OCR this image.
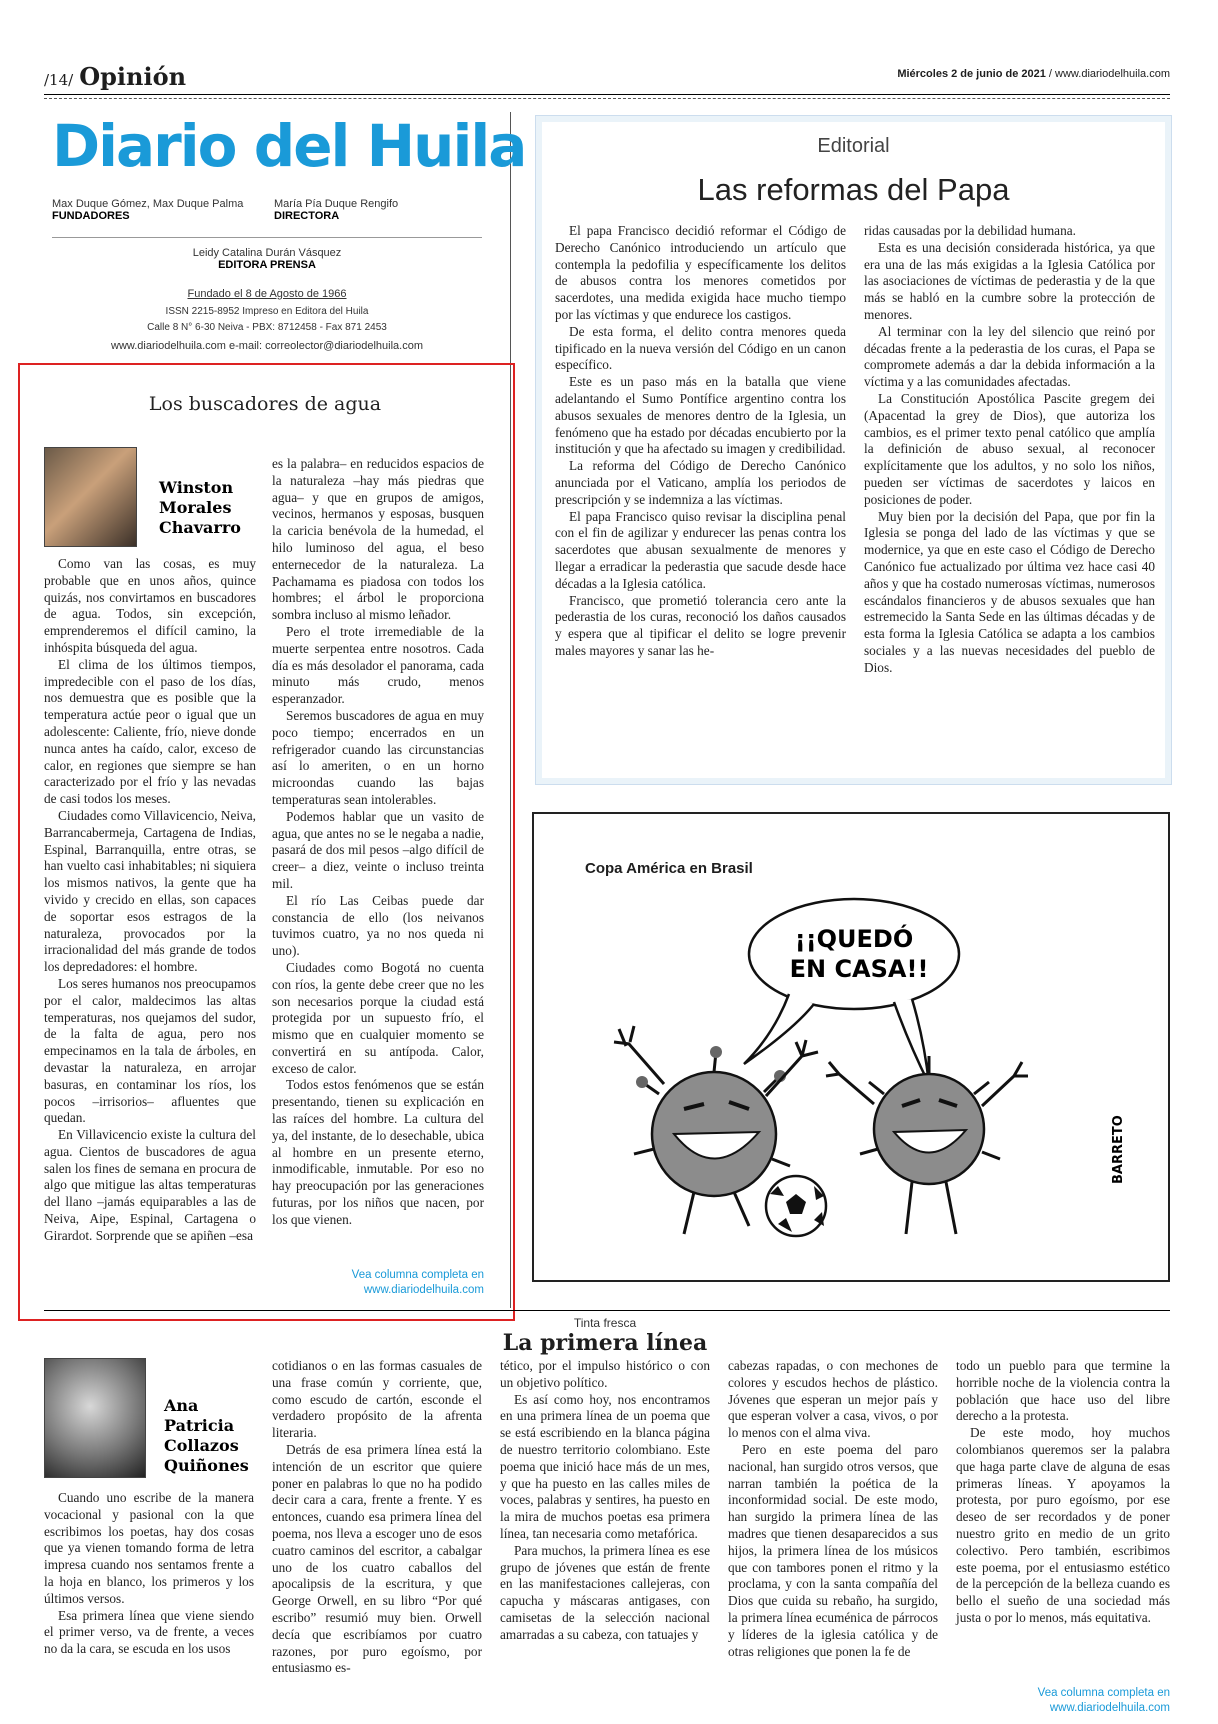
/14/ Opinión	Miércoles 2 de junio de 2021 / www.diariodelhuila.com
Diario del Huila
Max Duque Gómez, Max Duque Palma
FUNDADORES
María Pía Duque Rengifo
DIRECTORA
Leidy Catalina Durán Vásquez
EDITORA PRENSA
Fundado el 8 de Agosto de 1966
ISSN 2215-8952 Impreso en Editora del Huila
Calle 8 N° 6-30 Neiva - PBX: 8712458 - Fax 871 2453
www.diariodelhuila.com e-mail: correolector@diariodelhuila.com
Los buscadores de agua
Winston Morales Chavarro

Como van las cosas, es muy probable que en unos años, quince quizás, nos convirtamos en buscadores de agua. Todos, sin excepción, emprenderemos el difícil camino, la inhóspita búsqueda del agua.

El clima de los últimos tiempos, impredecible con el paso de los días, nos demuestra que es posible que la temperatura actúe peor o igual que un adolescente: Caliente, frío, nieve donde nunca antes ha caído, calor, exceso de calor, en regiones que siempre se han caracterizado por el frío y las nevadas de casi todos los meses.

Ciudades como Villavicencio, Neiva, Barrancabermeja, Cartagena de Indias, Espinal, Barranquilla, entre otras, se han vuelto casi inhabitables; ni siquiera los mismos nativos, la gente que ha vivido y crecido en ellas, son capaces de soportar esos estragos de la naturaleza, provocados por la irracionalidad del más grande de todos los depredadores: el hombre.

Los seres humanos nos preocupamos por el calor, maldecimos las altas temperaturas, nos quejamos del sudor, de la falta de agua, pero nos empecinamos en la tala de árboles, en devastar la naturaleza, en arrojar basuras, en contaminar los ríos, los pocos –irrisorios– afluentes que quedan.

En Villavicencio existe la cultura del agua. Cientos de buscadores de agua salen los fines de semana en procura de algo que mitigue las altas temperaturas del llano –jamás equiparables a las de Neiva, Aipe, Espinal, Cartagena o Girardot. Sorprende que se apiñen –esa

es la palabra– en reducidos espacios de la naturaleza –hay más piedras que agua– y que en grupos de amigos, vecinos, hermanos y esposas, busquen la caricia benévola de la humedad, el hilo luminoso del agua, el beso enternecedor de la naturaleza. La Pachamama es piadosa con todos los hombres; el árbol le proporciona sombra incluso al mismo leñador.

Pero el trote irremediable de la muerte serpentea entre nosotros. Cada día es más desolador el panorama, cada minuto más crudo, menos esperanzador.

Seremos buscadores de agua en muy poco tiempo; encerrados en un refrigerador cuando las circunstancias así lo ameriten, o en un horno microondas cuando las bajas temperaturas sean intolerables.

Podemos hablar que un vasito de agua, que antes no se le negaba a nadie, pasará de dos mil pesos –algo difícil de creer– a diez, veinte o incluso treinta mil.

El río Las Ceibas puede dar constancia de ello (los neivanos tuvimos cuatro, ya no nos queda ni uno).

Ciudades como Bogotá no cuenta con ríos, la gente debe creer que no les son necesarios porque la ciudad está protegida por un supuesto frío, el mismo que en cualquier momento se convertirá en su antípoda. Calor, exceso de calor.

Todos estos fenómenos que se están presentando, tienen su explicación en las raíces del hombre. La cultura del ya, del instante, de lo desechable, ubica al hombre en un presente eterno, inmodificable, inmutable. Por eso no hay preocupación por las generaciones futuras, por los niños que nacen, por los que vienen.

Vea columna completa en
www.diariodelhuila.com
Editorial
Las reformas del Papa

El papa Francisco decidió reformar el Código de Derecho Canónico introduciendo un artículo que contempla la pedofilia y específicamente los delitos de abusos contra los menores cometidos por sacerdotes, una medida exigida hace mucho tiempo por las víctimas y que endurece los castigos.

De esta forma, el delito contra menores queda tipificado en la nueva versión del Código en un canon específico.

Este es un paso más en la batalla que viene adelantando el Sumo Pontífice argentino contra los abusos sexuales de menores dentro de la Iglesia, un fenómeno que ha estado por décadas encubierto por la institución y que ha afectado su imagen y credibilidad.

La reforma del Código de Derecho Canónico anunciada por el Vaticano, amplía los periodos de prescripción y se indemniza a las víctimas.

El papa Francisco quiso revisar la disciplina penal con el fin de agilizar y endurecer las penas contra los sacerdotes que abusan sexualmente de menores y llegar a erradicar la pederastia que sacude desde hace décadas a la Iglesia católica.

Francisco, que prometió tolerancia cero ante la pederastia de los curas, reconoció los daños causados y espera que al tipificar el delito se logre prevenir males mayores y sanar las he-

ridas causadas por la debilidad humana.

Esta es una decisión considerada histórica, ya que era una de las más exigidas a la Iglesia Católica por las asociaciones de víctimas de pederastia y de la que más se habló en la cumbre sobre la protección de menores.

Al terminar con la ley del silencio que reinó por décadas frente a la pederastia de los curas, el Papa se compromete además a dar la debida información a la víctima y a las comunidades afectadas.

La Constitución Apostólica Pascite gregem dei (Apacentad la grey de Dios), que autoriza los cambios, es el primer texto penal católico que amplía la definición de abuso sexual, al reconocer explícitamente que los adultos, y no solo los niños, pueden ser víctimas de sacerdotes y laicos en posiciones de poder.

Muy bien por la decisión del Papa, que por fin la Iglesia se ponga del lado de las víctimas y que se modernice, ya que en este caso el Código de Derecho Canónico fue actualizado por última vez hace casi 40 años y que ha costado numerosas víctimas, numerosos escándalos financieros y de abusos sexuales que han estremecido la Santa Sede en las últimas décadas y de esta forma la Iglesia Católica se adapta a los cambios sociales y a las nuevas necesidades del pueblo de Dios.

Copa América en Brasil
¡¡QUEDÓ
EN CASA!!
BARRETO
Tinta fresca
La primera línea
Ana Patricia Collazos Quiñones

Cuando uno escribe de la manera vocacional y pasional con la que escribimos los poetas, hay dos cosas que ya vienen tomando forma de letra impresa cuando nos sentamos frente a la hoja en blanco, los primeros y los últimos versos.

Esa primera línea que viene siendo el primer verso, va de frente, a veces no da la cara, se escuda en los usos

cotidianos o en las formas casuales de una frase común y corriente, que, como escudo de cartón, esconde el verdadero propósito de la afrenta literaria.

Detrás de esa primera línea está la intención de un escritor que quiere poner en palabras lo que no ha podido decir cara a cara, frente a frente. Y es entonces, cuando esa primera línea del poema, nos lleva a escoger uno de esos cuatro caminos del escritor, a cabalgar uno de los cuatro caballos del apocalipsis de la escritura, y que George Orwell, en su libro “Por qué escribo” resumió muy bien. Orwell decía que escribíamos por cuatro razones, por puro egoísmo, por entusiasmo es-

tético, por el impulso histórico o con un objetivo político.

Es así como hoy, nos encontramos en una primera línea de un poema que se está escribiendo en la blanca página de nuestro territorio colombiano. Este poema que inició hace más de un mes, y que ha puesto en las calles miles de voces, palabras y sentires, ha puesto en la mira de muchos poetas esa primera línea, tan necesaria como metafórica.

Para muchos, la primera línea es ese grupo de jóvenes que están de frente en las manifestaciones callejeras, con capucha y máscaras antigases, con camisetas de la selección nacional amarradas a su cabeza, con tatuajes y

cabezas rapadas, o con mechones de colores y escudos hechos de plástico. Jóvenes que esperan un mejor país y que esperan volver a casa, vivos, o por lo menos con el alma viva.

Pero en este poema del paro nacional, han surgido otros versos, que narran también la poética de la inconformidad social. De este modo, han surgido la primera línea de las madres que tienen desaparecidos a sus hijos, la primera línea de los músicos que con tambores ponen el ritmo y la proclama, y con la santa compañía del Dios que cuida su rebaño, ha surgido, la primera línea ecuménica de párrocos y líderes de la iglesia católica y de otras religiones que ponen la fe de

todo un pueblo para que termine la horrible noche de la violencia contra la población que hace uso del libre derecho a la protesta.

De este modo, hoy muchos colombianos queremos ser la palabra que haga parte clave de alguna de esas primeras líneas. Y apoyamos la protesta, por puro egoísmo, por ese deseo de ser recordados y de poner nuestro grito en medio de un grito colectivo. Pero también, escribimos este poema, por el entusiasmo estético de la percepción de la belleza cuando es bello el sueño de una sociedad más justa o por lo menos, más equitativa.

Vea columna completa en
www.diariodelhuila.com
